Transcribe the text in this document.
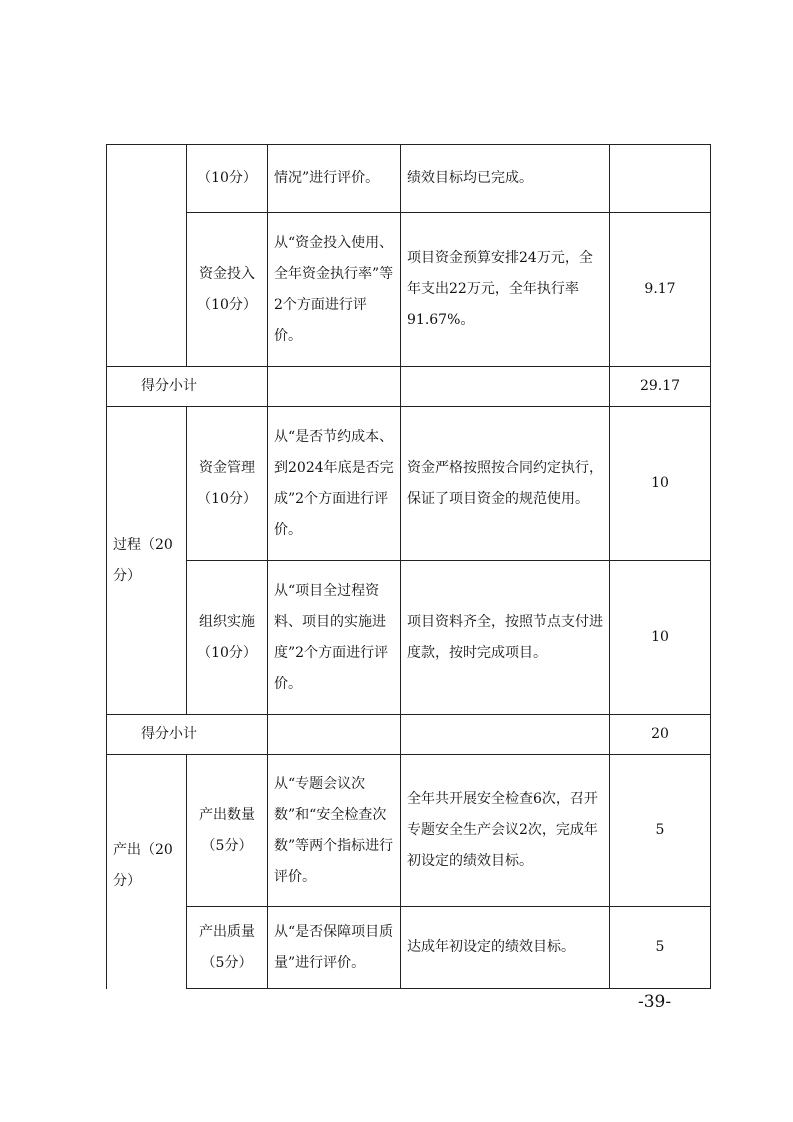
	（10分）	情况”进行评价。	绩效目标均已完成。	
	资金投入（10分）	从“资金投入使用、全年资金执行率”等2个方面进行评价。	项目资金预算安排24万元，全年支出22万元，全年执行率91.67%。	9.17
得分小计				29.17
过程（20分）	资金管理（10分）	从“是否节约成本、到2024年底是否完成”2个方面进行评价。	资金严格按照按合同约定执行，保证了项目资金的规范使用。	10
	组织实施（10分）	从“项目全过程资料、项目的实施进度”2个方面进行评价。	项目资料齐全，按照节点支付进度款，按时完成项目。	10
得分小计				20
产出（20分）	产出数量（5分）	从“专题会议次数”和“安全检查次数”等两个指标进行评价。	全年共开展安全检查6次，召开专题安全生产会议2次，完成年初设定的绩效目标。	5
	产出质量（5分）	从“是否保障项目质量”进行评价。	达成年初设定的绩效目标。	5
-39-
